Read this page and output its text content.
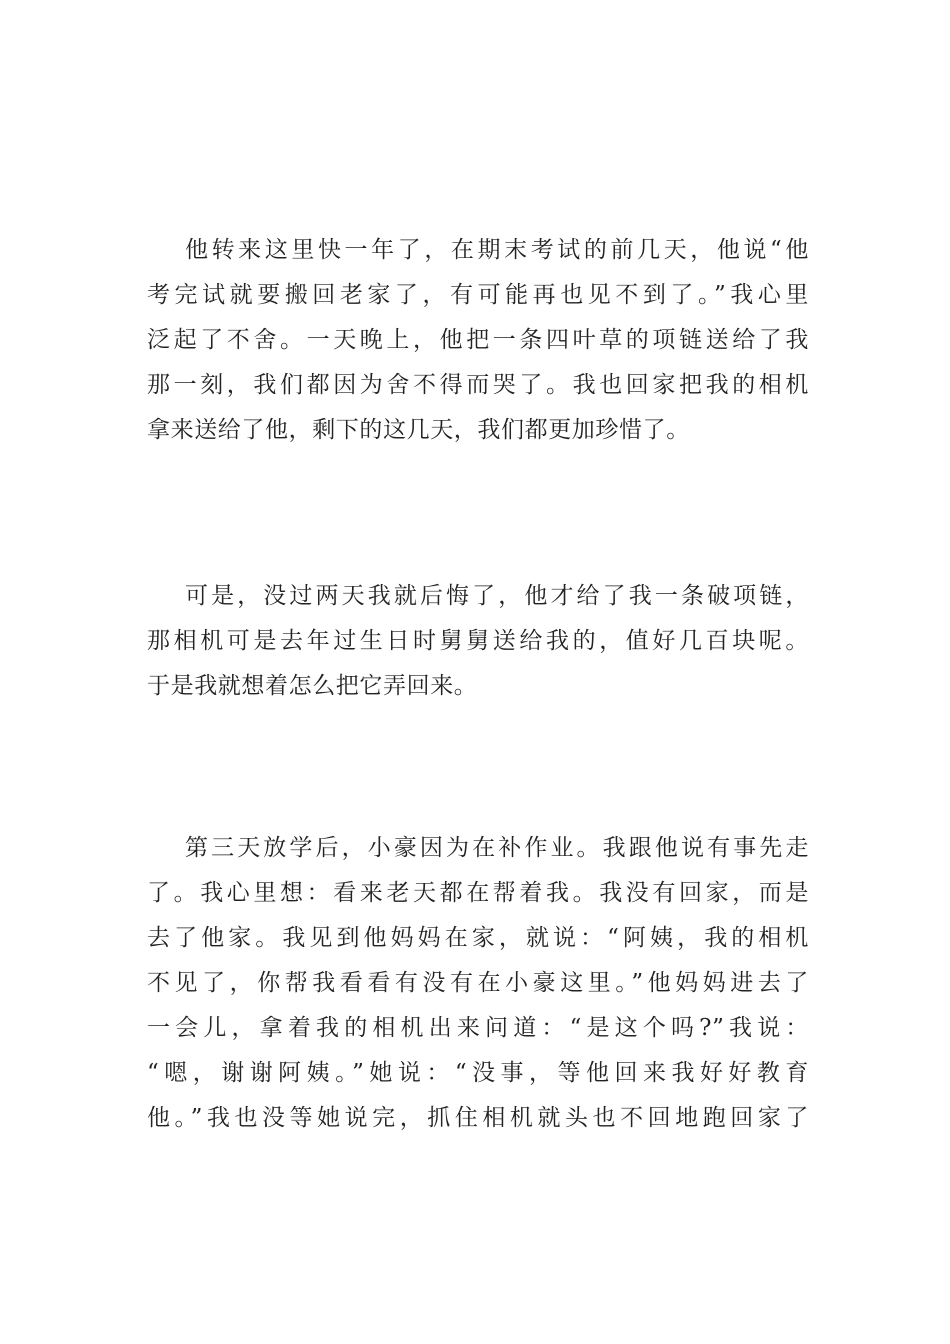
他转来这里快一年了，在期末考试的前几天，他说“他
考完试就要搬回老家了，有可能再也见不到了。”我心里
泛起了不舍。一天晚上，他把一条四叶草的项链送给了我
那一刻，我们都因为舍不得而哭了。我也回家把我的相机
拿来送给了他，剩下的这几天，我们都更加珍惜了。
可是，没过两天我就后悔了，他才给了我一条破项链，
那相机可是去年过生日时舅舅送给我的，值好几百块呢。
于是我就想着怎么把它弄回来。
第三天放学后，小豪因为在补作业。我跟他说有事先走
了。我心里想：看来老天都在帮着我。我没有回家，而是
去了他家。我见到他妈妈在家，就说：“阿姨，我的相机
不见了，你帮我看看有没有在小豪这里。”他妈妈进去了
一会儿，拿着我的相机出来问道：“是这个吗?”我说：
“嗯，谢谢阿姨。”她说：“没事，等他回来我好好教育
他。”我也没等她说完，抓住相机就头也不回地跑回家了
